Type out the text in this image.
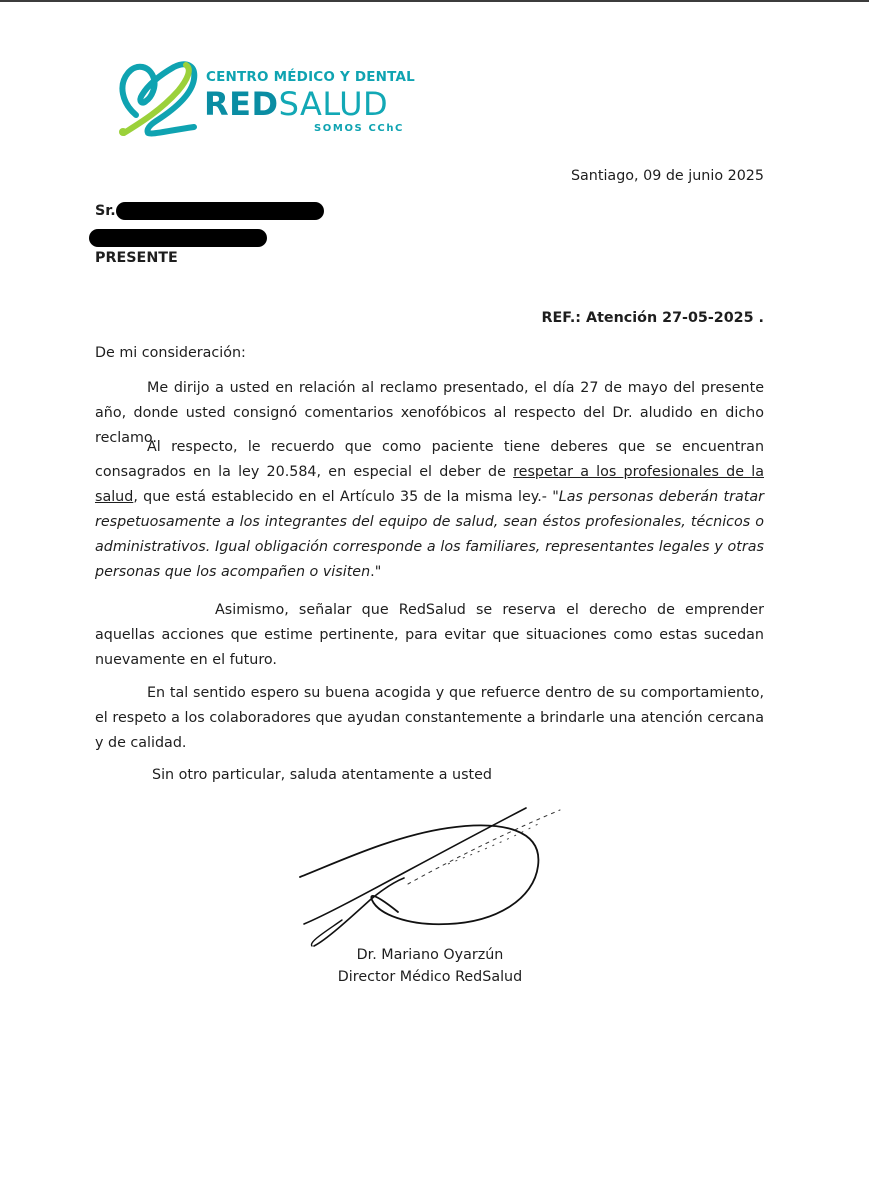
CENTRO MÉDICO Y DENTAL
REDSALUD
SOMOS CChC
Santiago, 09 de junio 2025
Sr.
PRESENTE
REF.: Atención 27-05-2025 .
De mi consideración:
Me dirijo a usted en relación al reclamo presentado, el día 27 de mayo del presente año, donde usted consignó comentarios xenofóbicos al respecto del Dr. aludido en dicho reclamo.
Al respecto, le recuerdo que como paciente tiene deberes que se encuentran consagrados en la ley 20.584, en especial el deber de respetar a los profesionales de la salud, que está establecido en el Artículo 35 de la misma ley.- "Las personas deberán tratar respetuosamente a los integrantes del equipo de salud, sean éstos profesionales, técnicos o administrativos. Igual obligación corresponde a los familiares, representantes legales y otras personas que los acompañen o visiten."
Asimismo, señalar que RedSalud se reserva el derecho de emprender aquellas acciones que estime pertinente, para evitar que situaciones como estas sucedan nuevamente en el futuro.
En tal sentido espero su buena acogida y que refuerce dentro de su comportamiento, el respeto a los colaboradores que ayudan constantemente a brindarle una atención cercana y de calidad.
Sin otro particular, saluda atentamente a usted
Dr. Mariano Oyarzún
Director Médico RedSalud
